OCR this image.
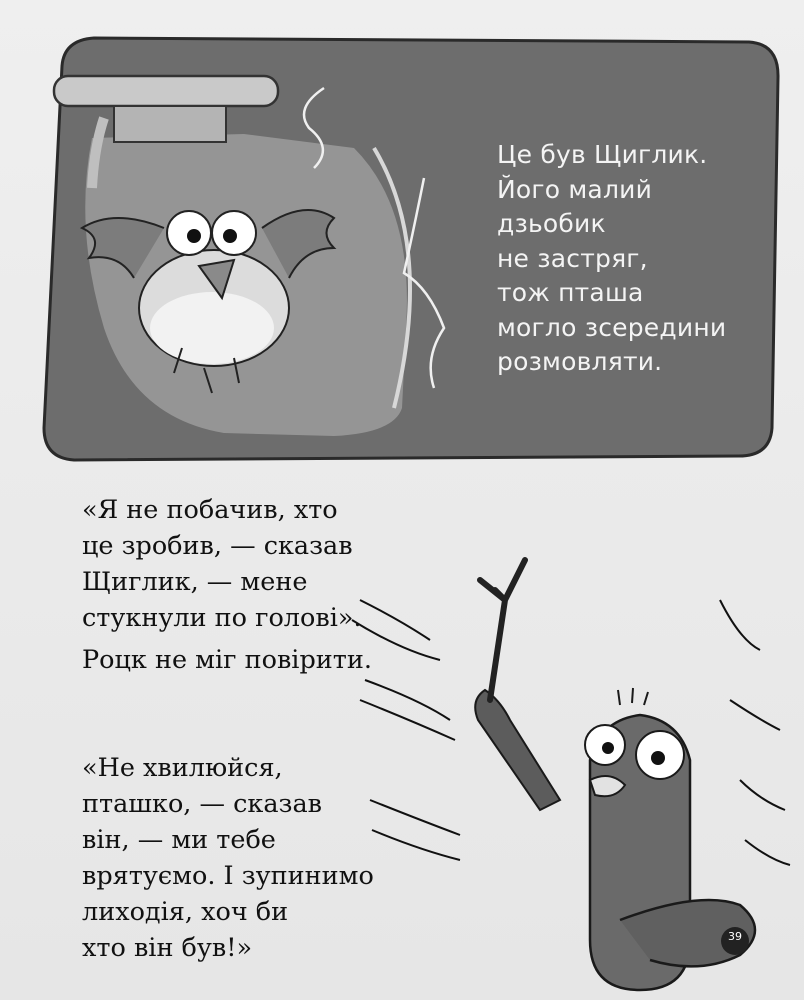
Це був Щиглик.
Його малий
дзьобик
не застряг,
тож пташа
могло зсередини
розмовляти.
«Я не побачив, хто
це зробив, — сказав
Щиглик, — мене
стукнули по голові».
Роцк не міг повірити.
«Не хвилюйся,
пташко, — сказав
він, — ми тебе
врятуємо. І зупинимо
лиходія, хоч би
хто він був!»	39
